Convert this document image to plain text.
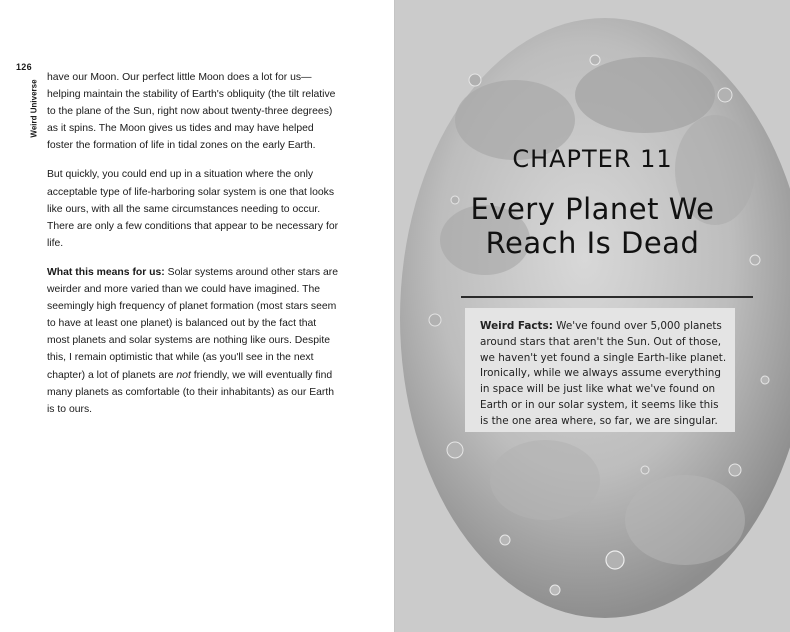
126
Weird Universe

have our Moon. Our perfect little Moon does a lot for us—helping maintain the stability of Earth's obliquity (the tilt relative to the plane of the Sun, right now about twenty-three degrees) as it spins. The Moon gives us tides and may have helped foster the formation of life in tidal zones on the early Earth.

But quickly, you could end up in a situation where the only acceptable type of life-harboring solar system is one that looks like ours, with all the same circumstances needing to occur. There are only a few conditions that appear to be necessary for life.

What this means for us: Solar systems around other stars are weirder and more varied than we could have imagined. The seemingly high frequency of planet formation (most stars seem to have at least one planet) is balanced out by the fact that most planets and solar systems are nothing like ours. Despite this, I remain optimistic that while (as you'll see in the next chapter) a lot of planets are not friendly, we will eventually find many planets as comfortable (to their inhabitants) as our Earth is to ours.

CHAPTER 11
Every Planet We
Reach Is Dead
Weird Facts: We've found over 5,000 planets around stars that aren't the Sun. Out of those, we haven't yet found a single Earth-like planet. Ironically, while we always assume everything in space will be just like what we've found on Earth or in our solar system, it seems like this is the one area where, so far, we are singular.
